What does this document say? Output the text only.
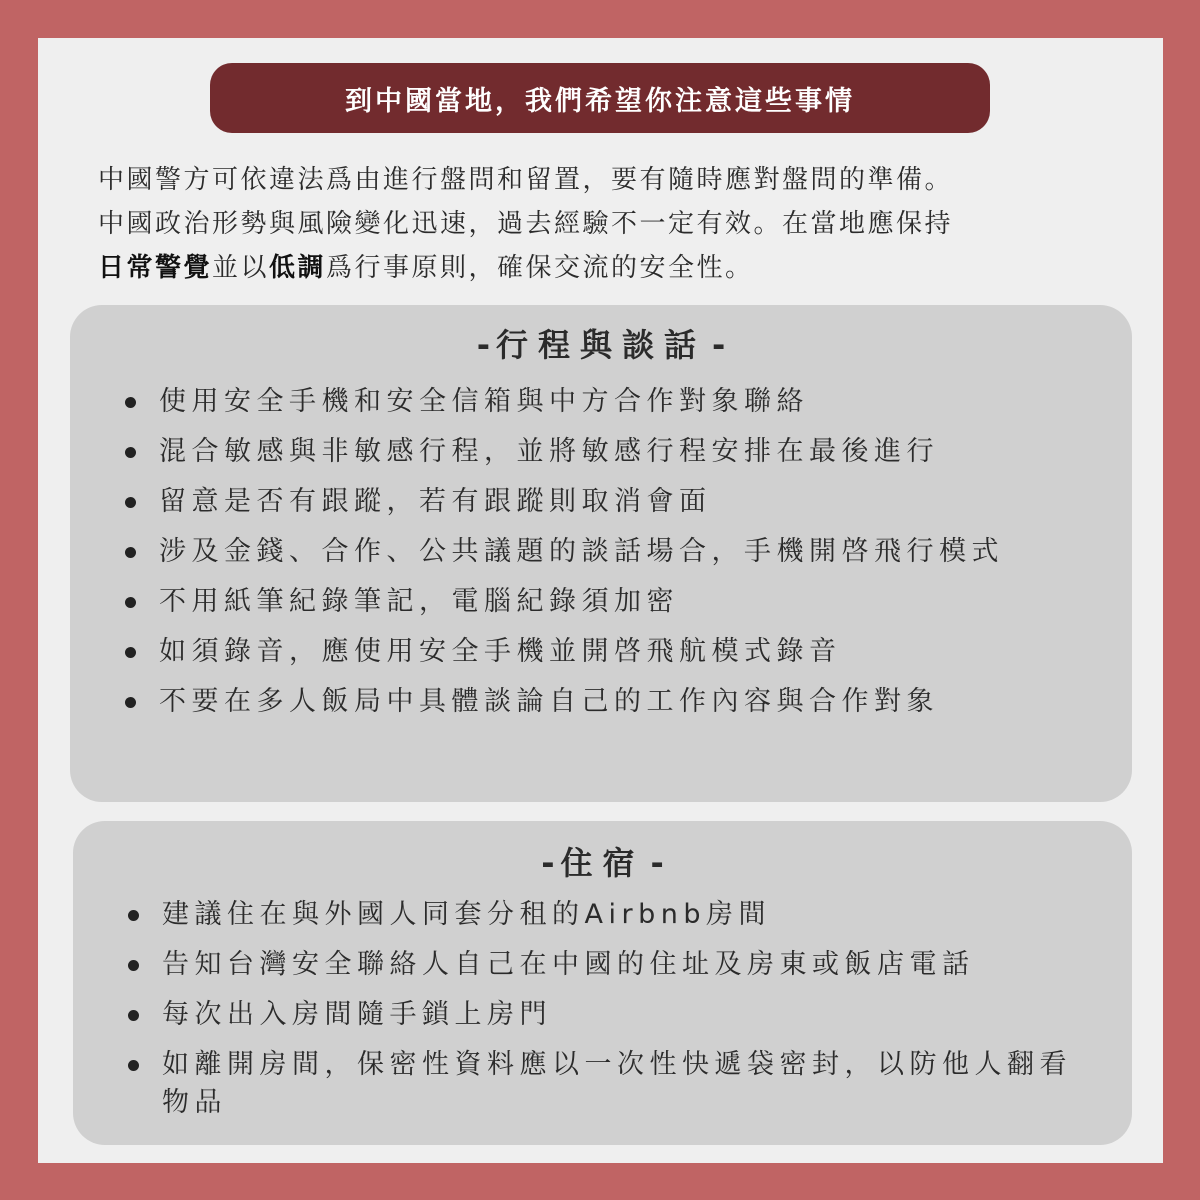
到中國當地，我們希望你注意這些事情
中國警方可依違法爲由進行盤問和留置，要有隨時應對盤問的準備。
中國政治形勢與風險變化迅速，過去經驗不一定有效。在當地應保持
日常警覺並以低調爲行事原則，確保交流的安全性。
- 行程與談話 -
使用安全手機和安全信箱與中方合作對象聯絡
混合敏感與非敏感行程，並將敏感行程安排在最後進行
留意是否有跟蹤，若有跟蹤則取消會面
涉及金錢、合作、公共議題的談話場合，手機開啓飛行模式
不用紙筆紀錄筆記，電腦紀錄須加密
如須錄音，應使用安全手機並開啓飛航模式錄音
不要在多人飯局中具體談論自己的工作內容與合作對象
- 住宿 -
建議住在與外國人同套分租的Airbnb房間
告知台灣安全聯絡人自己在中國的住址及房東或飯店電話
每次出入房間隨手鎖上房門
如離開房間，保密性資料應以一次性快遞袋密封，以防他人翻看物品
